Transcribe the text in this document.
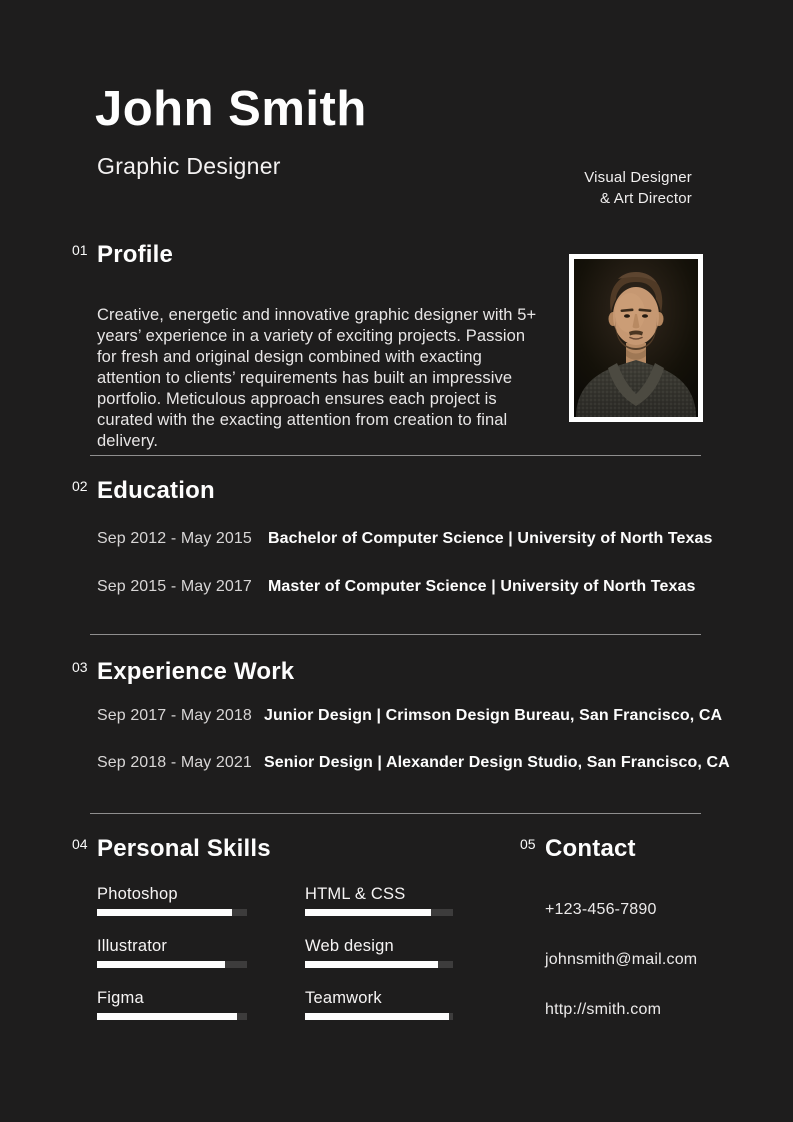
John Smith
Graphic Designer	Visual Designer
& Art Director
01 Profile

Creative, energetic and innovative graphic designer with 5+ years’ experience in a variety of exciting projects. Passion for fresh and original design combined with exacting attention to clients’ requirements has built an impressive portfolio. Meticulous approach ensures each project is curated with the exacting attention from creation to final delivery.

02 Education
Sep 2012 - May 2015	Bachelor of Computer Science | University of North Texas
Sep 2015 - May 2017	Master of Computer Science | University of North Texas
03 Experience Work
Sep 2017 - May 2018 Junior Design | Crimson Design Bureau, San Francisco, CA
Sep 2018 - May 2021 Senior Design | Alexander Design Studio, San Francisco, CA
04 Personal Skills
Photoshop
Illustrator
Figma
HTML & CSS
Web design
Teamwork
05 Contact
+123-456-7890
johnsmith@mail.com
http://smith.com
